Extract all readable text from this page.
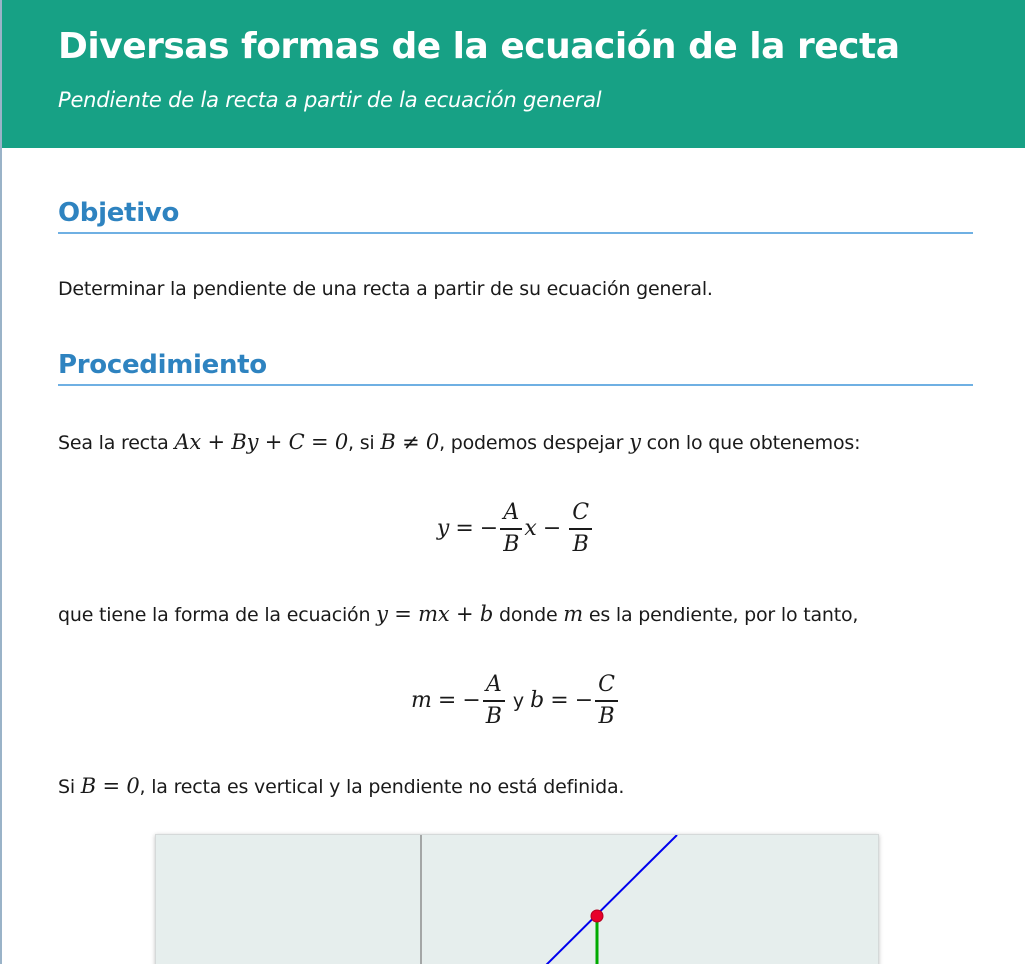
Diversas formas de la ecuación de la recta

Pendiente de la recta a partir de la ecuación general

Objetivo

Determinar la pendiente de una recta a partir de su ecuación general.

Procedimiento

Sea la recta Ax + By + C = 0, si B ≠ 0, podemos despejar y con lo que obtenemos:

y = − $\frac{A}{B}$ $x - \frac{C}{B}$

que tiene la forma de la ecuación y = mx + b donde m es la pendiente, por lo tanto,

m = − $\frac{A}{B}$ y b = − $\frac{C}{B}$

Si B = 0, la recta es vertical y la pendiente no está definida.
